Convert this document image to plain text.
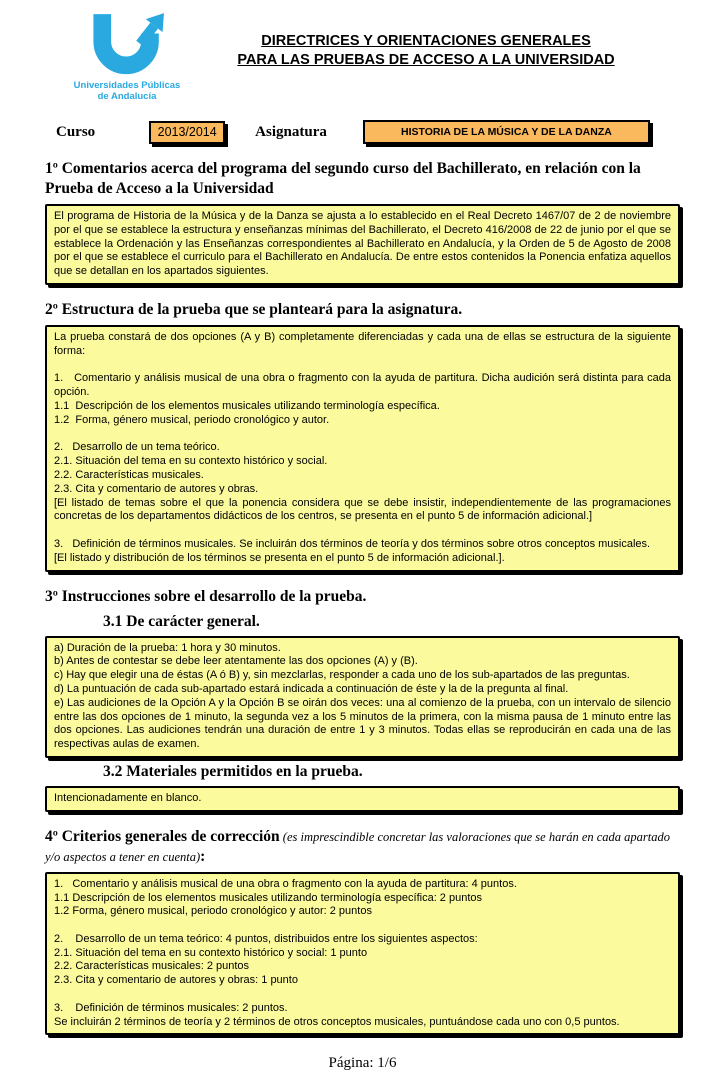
Universidades Públicas
de Andalucía
DIRECTRICES Y ORIENTACIONES GENERALES
PARA LAS PRUEBAS DE ACCESO A LA UNIVERSIDAD
Curso	2013/2014	Asignatura	HISTORIA DE LA MÚSICA Y DE LA DANZA
1º Comentarios acerca del programa del segundo curso del Bachillerato, en relación con la Prueba de Acceso a la Universidad
El programa de Historia de la Música y de la Danza se ajusta a lo establecido en el Real Decreto 1467/07 de 2 de noviembre por el que se establece la estructura y enseñanzas mínimas del Bachillerato, el Decreto 416/2008 de 22 de junio por el que se establece la Ordenación y las Enseñanzas correspondientes al Bachillerato en Andalucía, y la Orden de 5 de Agosto de 2008 por el que se establece el curriculo para el Bachillerato en Andalucía. De entre estos contenidos la Ponencia enfatiza aquellos que se detallan en los apartados siguientes.
2º Estructura de la prueba que se planteará para la asignatura.
La prueba constará de dos opciones (A y B) completamente diferenciadas y cada una de ellas se estructura de la siguiente forma:
1.   Comentario y análisis musical de una obra o fragmento con la ayuda de partitura. Dicha audición será distinta para cada opción.
1.1  Descripción de los elementos musicales utilizando terminología específica.
1.2  Forma, género musical, periodo cronológico y autor.
2.   Desarrollo de un tema teórico.
2.1. Situación del tema en su contexto histórico y social.
2.2. Características musicales.
2.3. Cita y comentario de autores y obras.
[El listado de temas sobre el que la ponencia considera que se debe insistir, independientemente de las programaciones concretas de los departamentos didácticos de los centros, se presenta en el punto 5 de información adicional.]
3.   Definición de términos musicales. Se incluirán dos términos de teoría y dos términos sobre otros conceptos musicales.
[El listado y distribución de los términos se presenta en el punto 5 de información adicional.].
3º Instrucciones sobre el desarrollo de la prueba.
3.1 De carácter general.
a) Duración de la prueba: 1 hora y 30 minutos.
b) Antes de contestar se debe leer atentamente las dos opciones (A) y (B).
c) Hay que elegir una de éstas (A ó B) y, sin mezclarlas, responder a cada uno de los sub-apartados de las preguntas.
d) La puntuación de cada sub-apartado estará indicada a continuación de éste y la de la pregunta al final.
e) Las audiciones de la Opción A y la Opción B se oirán dos veces: una al comienzo de la prueba, con un intervalo de silencio entre las dos opciones de 1 minuto, la segunda vez a los 5 minutos de la primera, con la misma pausa de 1 minuto entre las dos opciones. Las audiciones tendrán una duración de entre 1 y 3 minutos. Todas ellas se reproducirán en cada una de las respectivas aulas de examen.
3.2 Materiales permitidos en la prueba.
Intencionadamente en blanco.
4º Criterios generales de corrección (es imprescindible concretar las valoraciones que se harán en cada apartado y/o aspectos a tener en cuenta):
1.   Comentario y análisis musical de una obra o fragmento con la ayuda de partitura: 4 puntos.
1.1 Descripción de los elementos musicales utilizando terminología específica: 2 puntos
1.2 Forma, género musical, periodo cronológico y autor: 2 puntos
2.    Desarrollo de un tema teórico: 4 puntos, distribuidos entre los siguientes aspectos:
2.1. Situación del tema en su contexto histórico y social: 1 punto
2.2. Características musicales: 2 puntos
2.3. Cita y comentario de autores y obras: 1 punto
3.    Definición de términos musicales: 2 puntos.
Se incluirán 2 términos de teoría y 2 términos de otros conceptos musicales, puntuándose cada uno con 0,5 puntos.
Página: 1/6
